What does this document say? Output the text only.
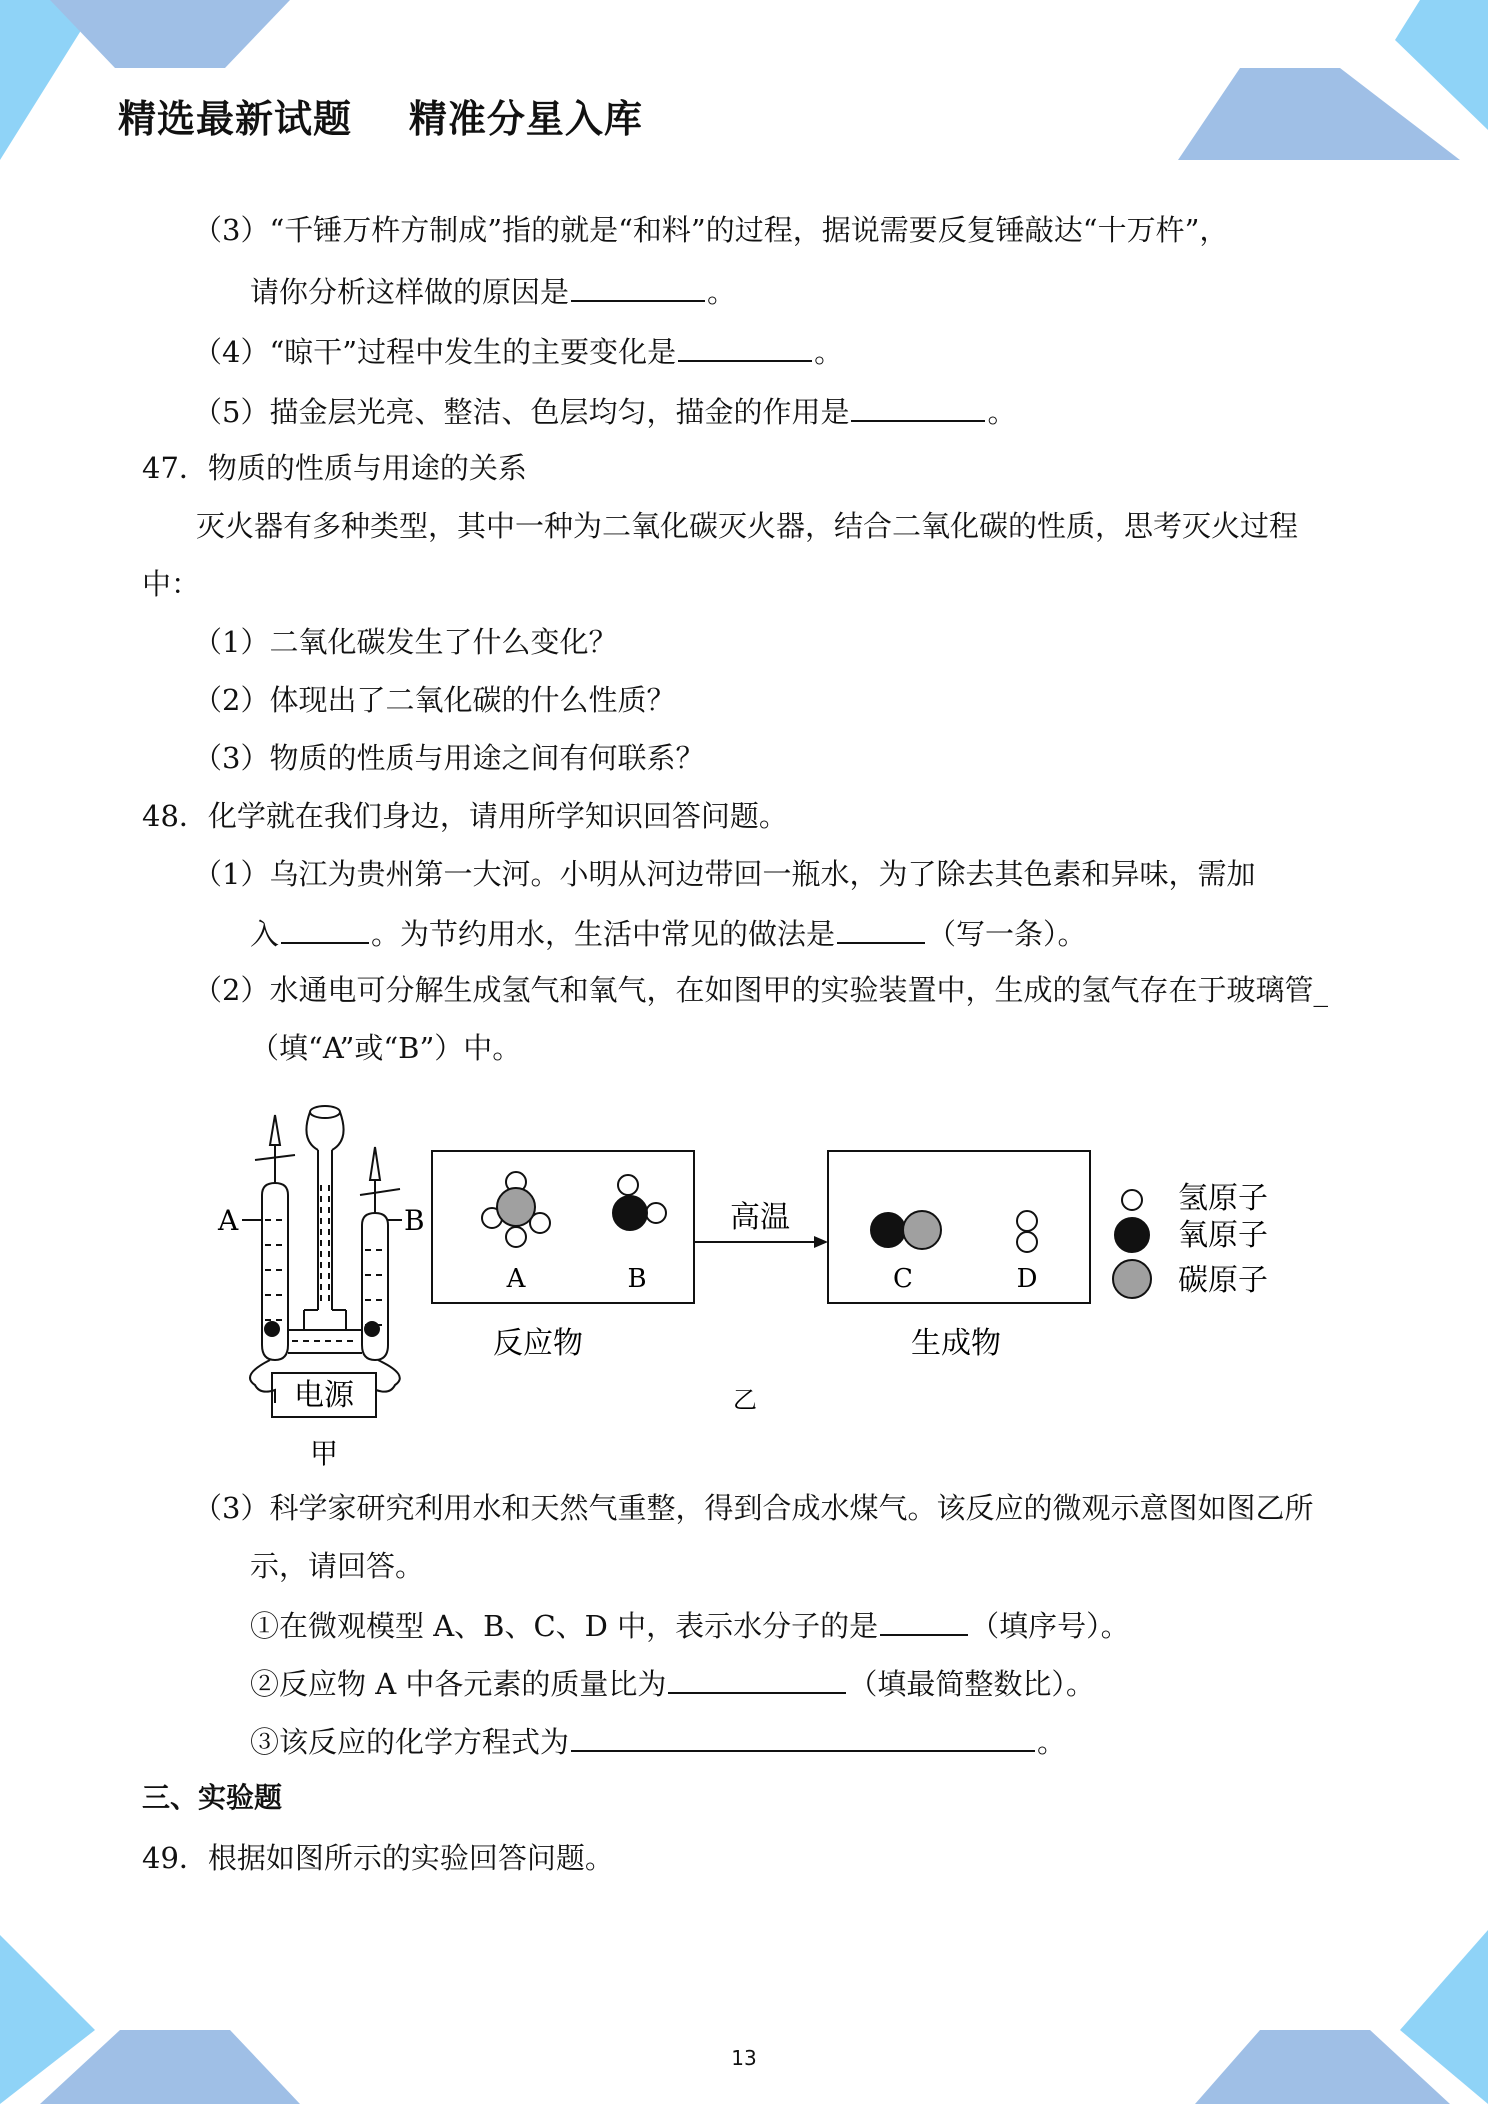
精选最新试题    精准分星入库
（3）“千锤万杵方制成”指的就是“和料”的过程，据说需要反复锤敲达“十万杵”，
请你分析这样做的原因是	。
（4）“晾干”过程中发生的主要变化是	。
（5）描金层光亮、整洁、色层均匀，描金的作用是	。
47．物质的性质与用途的关系
灭火器有多种类型，其中一种为二氧化碳灭火器，结合二氧化碳的性质，思考灭火过程
中：
（1）二氧化碳发生了什么变化？
（2）体现出了二氧化碳的什么性质？
（3）物质的性质与用途之间有何联系？
48．化学就在我们身边，请用所学知识回答问题。
（1）乌江为贵州第一大河。小明从河边带回一瓶水，为了除去其色素和异味，需加
入	。为节约用水，生活中常见的做法是	（写一条）。
（2）水通电可分解生成氢气和氧气，在如图甲的实验装置中，生成的氢气存在于玻璃管_
（填“A”或“B”）中。
A	B
电源
甲
A	B
反应物
高温
C	D
生成物
氢原子
氧原子
碳原子
乙
（3）科学家研究利用水和天然气重整，得到合成水煤气。该反应的微观示意图如图乙所
示，请回答。
①在微观模型 A、B、C、D 中，表示水分子的是	（填序号）。
②反应物 A 中各元素的质量比为	（填最简整数比）。
③该反应的化学方程式为	。
三、实验题
49．根据如图所示的实验回答问题。
13
